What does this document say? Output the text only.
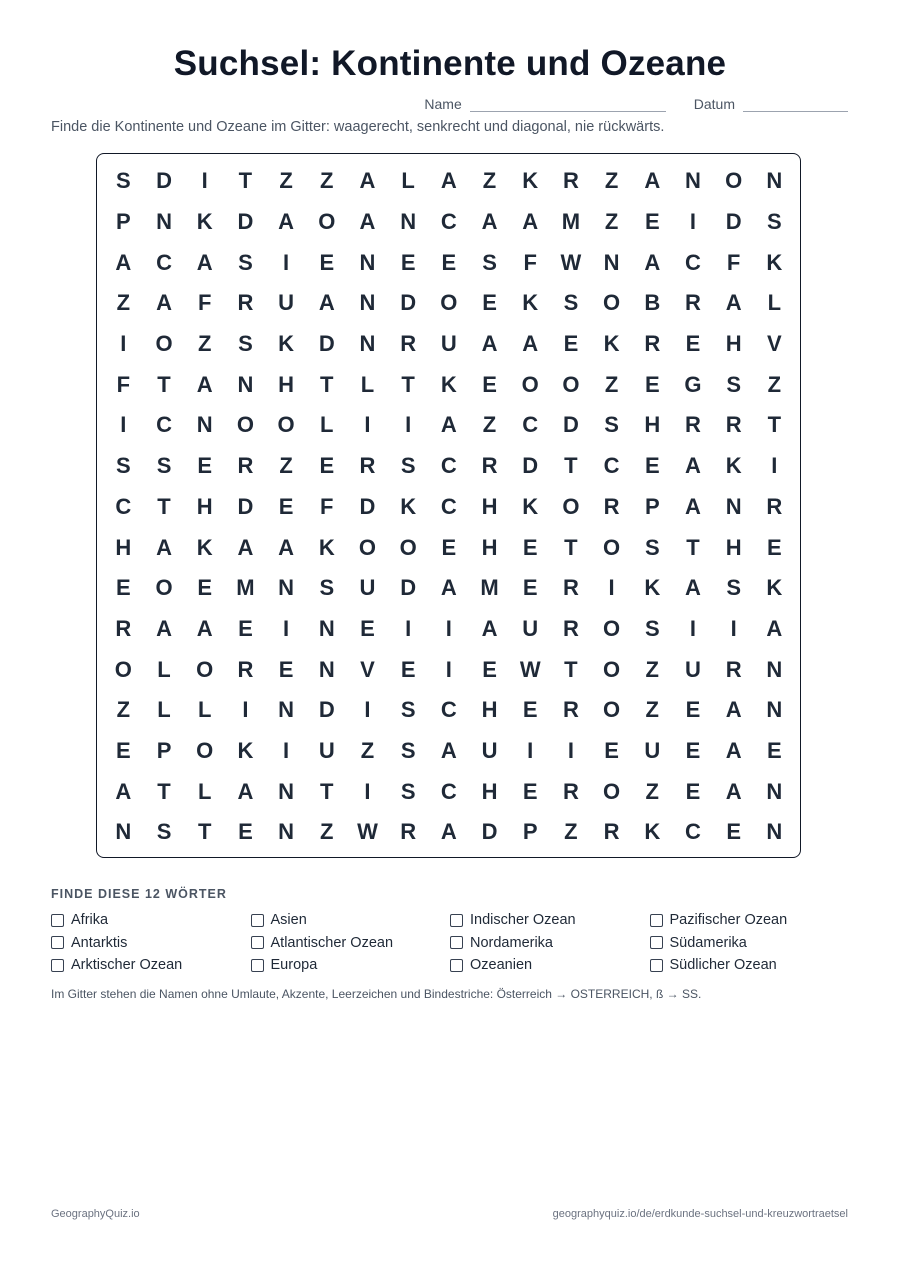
Suchsel: Kontinente und Ozeane
Name	Datum

Finde die Kontinente und Ozeane im Gitter: waagerecht, senkrecht und diagonal, nie rückwärts.

S	D	I	T	Z	Z	A	L	A	Z	K	R	Z	A	N	O	N
P	N	K	D	A	O	A	N	C	A	A	M	Z	E	I	D	S
A	C	A	S	I	E	N	E	E	S	F	W	N	A	C	F	K
Z	A	F	R	U	A	N	D	O	E	K	S	O	B	R	A	L
I	O	Z	S	K	D	N	R	U	A	A	E	K	R	E	H	V
F	T	A	N	H	T	L	T	K	E	O	O	Z	E	G	S	Z
I	C	N	O	O	L	I	I	A	Z	C	D	S	H	R	R	T
S	S	E	R	Z	E	R	S	C	R	D	T	C	E	A	K	I
C	T	H	D	E	F	D	K	C	H	K	O	R	P	A	N	R
H	A	K	A	A	K	O	O	E	H	E	T	O	S	T	H	E
E	O	E	M	N	S	U	D	A	M	E	R	I	K	A	S	K
R	A	A	E	I	N	E	I	I	A	U	R	O	S	I	I	A
O	L	O	R	E	N	V	E	I	E	W	T	O	Z	U	R	N
Z	L	L	I	N	D	I	S	C	H	E	R	O	Z	E	A	N
E	P	O	K	I	U	Z	S	A	U	I	I	E	U	E	A	E
A	T	L	A	N	T	I	S	C	H	E	R	O	Z	E	A	N
N	S	T	E	N	Z	W	R	A	D	P	Z	R	K	C	E	N
FINDE DIESE 12 WÖRTER
Afrika
Antarktis
Arktischer Ozean
Asien
Atlantischer Ozean
Europa
Indischer Ozean
Nordamerika
Ozeanien
Pazifischer Ozean
Südamerika
Südlicher Ozean

Im Gitter stehen die Namen ohne Umlaute, Akzente, Leerzeichen und Bindestriche: Österreich → OSTERREICH, ß → SS.

GeographyQuiz.io	geographyquiz.io/de/erdkunde-suchsel-und-kreuzwortraetsel
